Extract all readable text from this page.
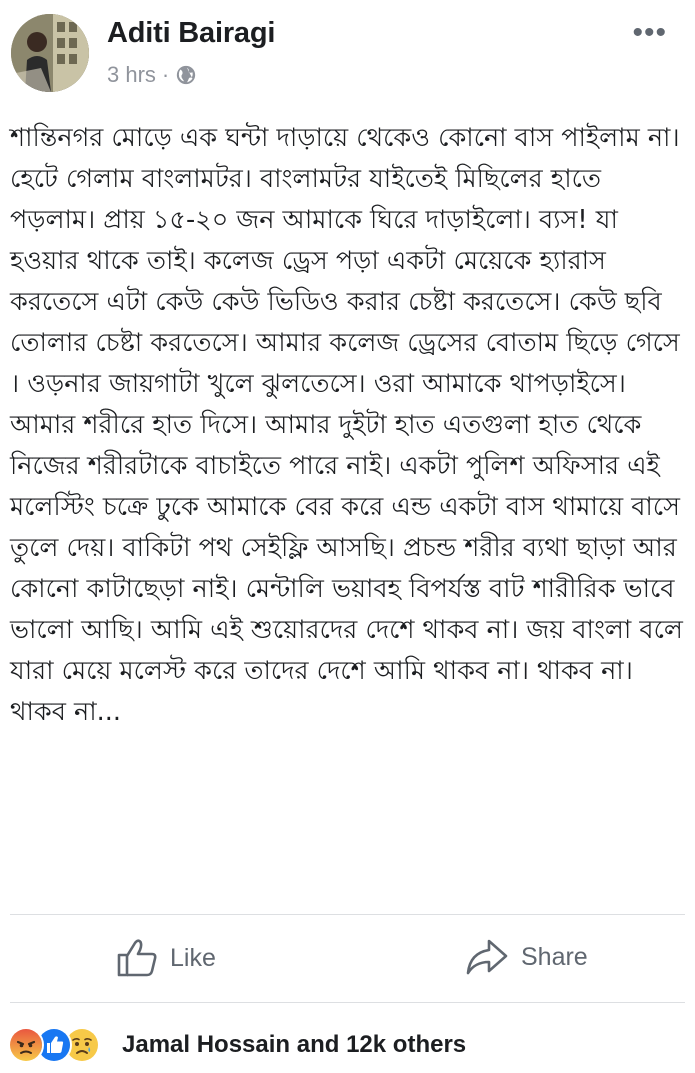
Aditi Bairagi
3 hrs ·
•••
শান্তিনগর মোড়ে এক ঘন্টা দাড়ায়ে থেকেও কোনো বাস পাইলাম না। হেটে গেলাম বাংলামটর। বাংলামটর যাইতেই মিছিলের হাতে পড়লাম। প্রায় ১৫-২০ জন আমাকে ঘিরে দাড়াইলো। ব্যস! যা হওয়ার থাকে তাই। কলেজ ড্রেস পড়া একটা মেয়েকে হ্যারাস করতেসে এটা কেউ কেউ ভিডিও করার চেষ্টা করতেসে। কেউ ছবি তোলার চেষ্টা করতেসে। আমার কলেজ ড্রেসের বোতাম ছিড়ে গেসে । ওড়নার জায়গাটা খুলে ঝুলতেসে। ওরা আমাকে থাপড়াইসে। আমার শরীরে হাত দিসে। আমার দুইটা হাত এতগুলা হাত থেকে নিজের শরীরটাকে বাচাইতে পারে নাই। একটা পুলিশ অফিসার এই মলেস্টিং চক্রে ঢুকে আমাকে বের করে এন্ড একটা বাস থামায়ে বাসে তুলে দেয়। বাকিটা পথ সেইফ্লি আসছি। প্রচন্ড শরীর ব্যথা ছাড়া আর কোনো কাটাছেড়া নাই। মেন্টালি ভয়াবহ বিপর্যস্ত বাট শারীরিক ভাবে ভালো আছি। আমি এই শুয়োরদের দেশে থাকব না। জয় বাংলা বলে যারা মেয়ে মলেস্ট করে তাদের দেশে আমি থাকব না। থাকব না। থাকব না...
Like	Share
Jamal Hossain and 12k others
